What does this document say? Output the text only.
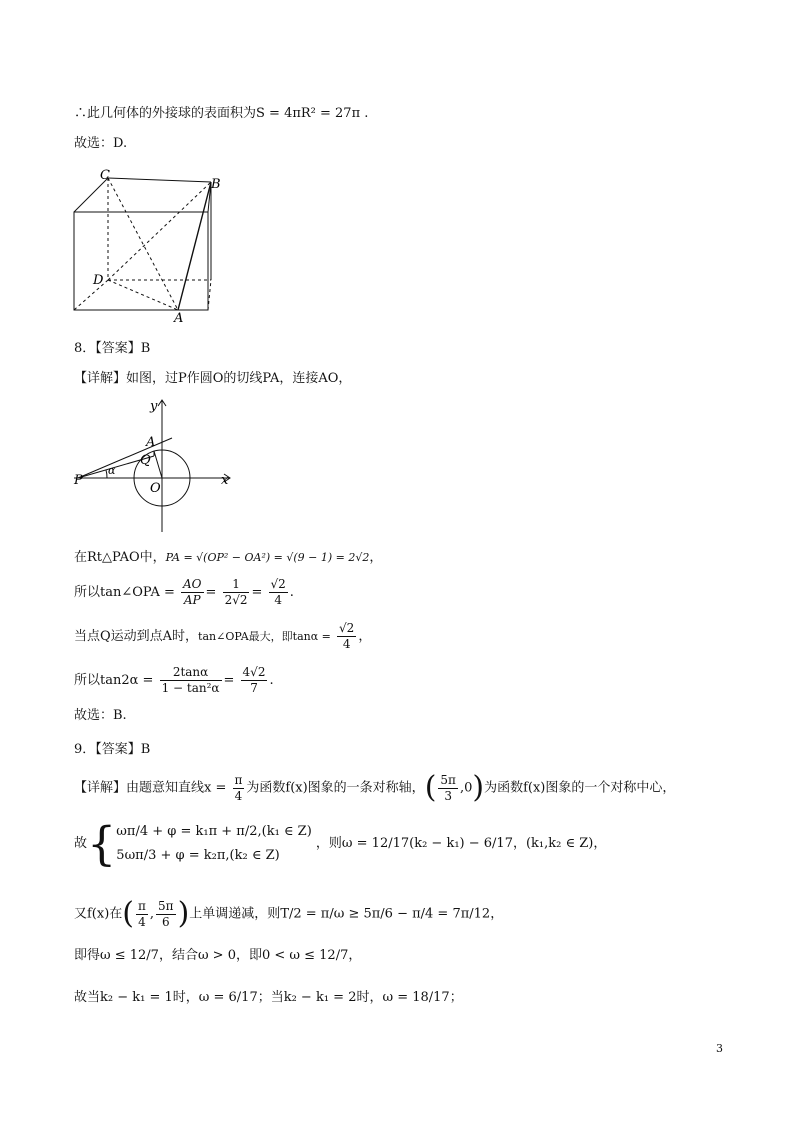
∴此几何体的外接球的表面积为S = 4πR² = 27π .
故选：D.
C
B
D
A
8．【答案】B
【详解】如图，过P作圆O的切线PA，连接AO，
y
x
A
Q
α
P
O
在Rt△PAO中，PA = √(OP² − OA²) = √(9 − 1) = 2√2，
所以tan∠OPA = $\frac{AO}{AP} = \frac{1}{2√2} = \frac{√2}{4}$ .
当点Q运动到点A时，tan∠OPA最大，即$\tan\alpha = \frac{√2}{4}$ ，
所以$\tan 2\alpha = \frac{2\tan\alpha}{\text{1 − tan²α}} = \frac{4√2}{7}$ .
故选：B.
9．【答案】B
【详解】由题意知直线$x = \frac{\pi}{4}$ 为函数f(x)图象的一条对称轴，( $\frac{5\pi}{3} ,0$)为函数f(x)图象的一个对称中心，
故{ ωπ/4 + φ = k₁π + π/2,(k₁ ∈ Z)
5ωπ/3 + φ = k₂π,(k₂ ∈ Z)
，则ω = 12/17(k₂ − k₁) − 6/17，(k₁,k₂ ∈ Z)，
又f(x)在( $\frac{\pi}{4}$ , $\frac{5\pi}{6}$ )上单调递减，则T/2 = π/ω ≥ 5π/6 − π/4 = 7π/12，
即得ω ≤ 12/7，结合ω > 0，即0 < ω ≤ 12/7，
故当k₂ − k₁ = 1时，ω = 6/17；当k₂ − k₁ = 2时，ω = 18/17；
3
